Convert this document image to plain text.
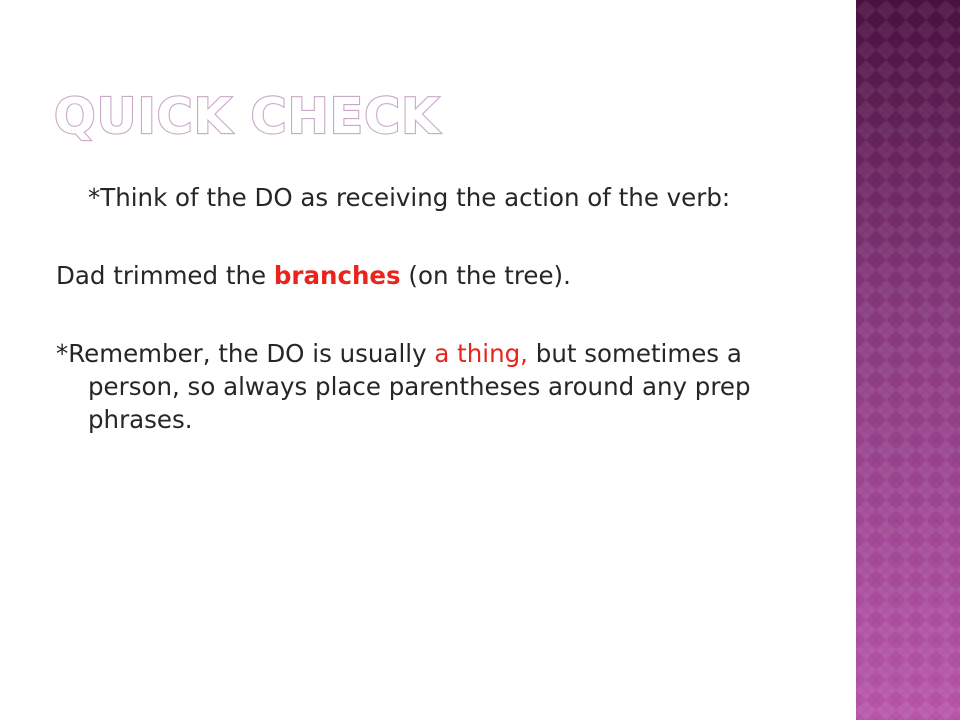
QUICK CHECK

*Think of the DO as receiving the action of the verb:

Dad trimmed the branches (on the tree).

*Remember, the DO is usually a thing, but sometimes a person, so always place parentheses around any prep phrases.
